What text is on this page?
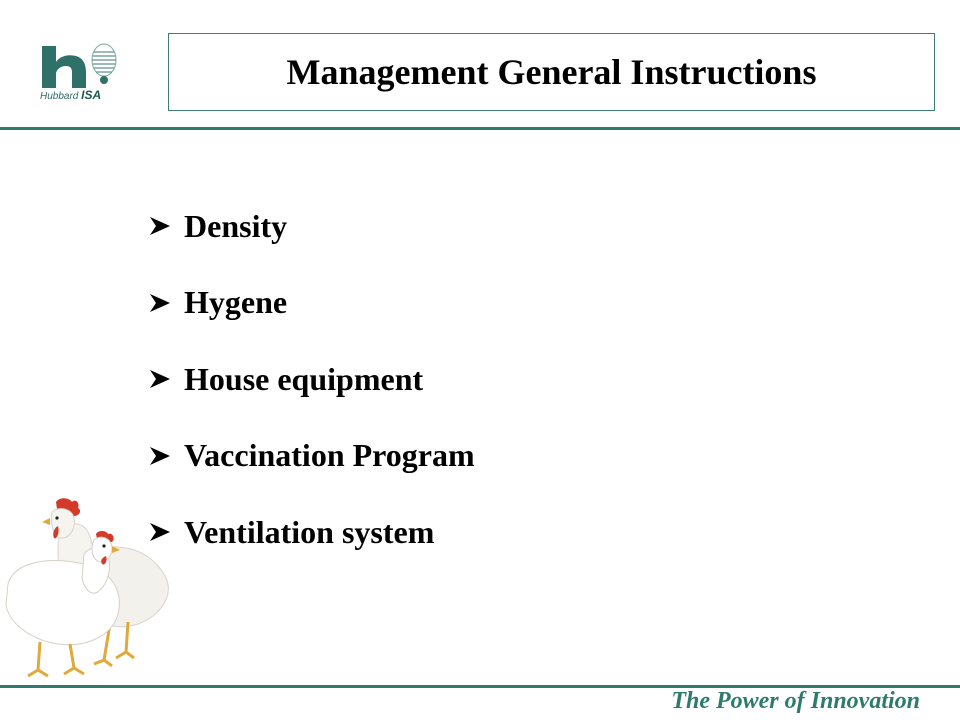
Hubbard ISA
Management General Instructions
Density
Hygene
House equipment
Vaccination Program
Ventilation system
The Power of Innovation
